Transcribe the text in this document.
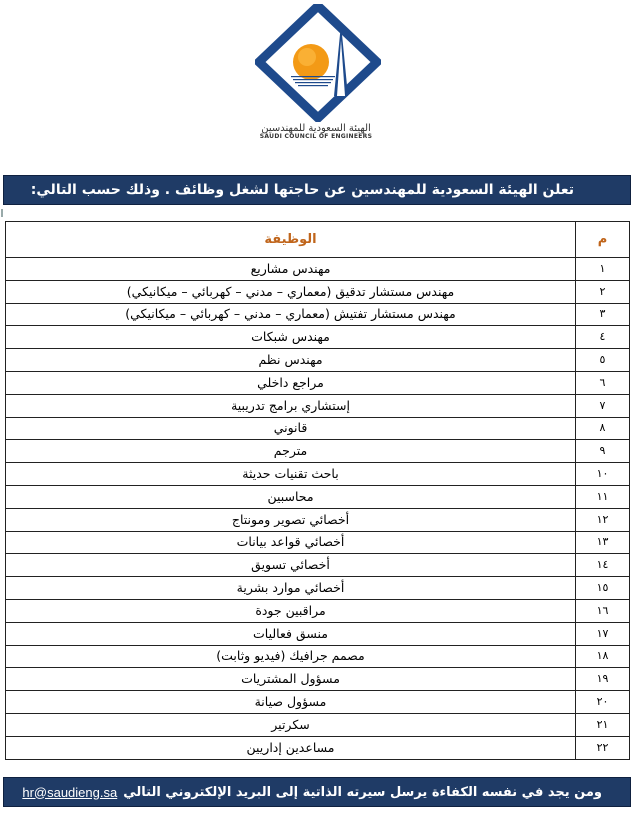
الهيئة السعودية للمهندسين
SAUDI COUNCIL OF ENGINEERS
تعلن الهيئة السعودية للمهندسين عن حاجتها لشغل وظائف . وذلك حسب التالي:
م	الوظيفة
١	مهندس مشاريع
٢	مهندس مستشار تدقيق (معماري – مدني – كهربائي – ميكانيكي)
٣	مهندس مستشار تفتيش (معماري – مدني – كهربائي – ميكانيكي)
٤	مهندس شبكات
٥	مهندس نظم
٦	مراجع داخلي
٧	إستشاري برامج تدريبية
٨	قانوني
٩	مترجم
١٠	باحث تقنيات حديثة
١١	محاسبين
١٢	أخصائي تصوير ومونتاج
١٣	أخصائي قواعد بيانات
١٤	أخصائي تسويق
١٥	أخصائي موارد بشرية
١٦	مراقبين جودة
١٧	منسق فعاليات
١٨	مصمم جرافيك (فيديو وثابت)
١٩	مسؤول المشتريات
٢٠	مسؤول صيانة
٢١	سكرتير
٢٢	مساعدين إداريين
ومن يجد في نفسه الكفاءة يرسل سيرته الذاتية إلى البريد الإلكتروني التالي
hr@saudieng.sa
